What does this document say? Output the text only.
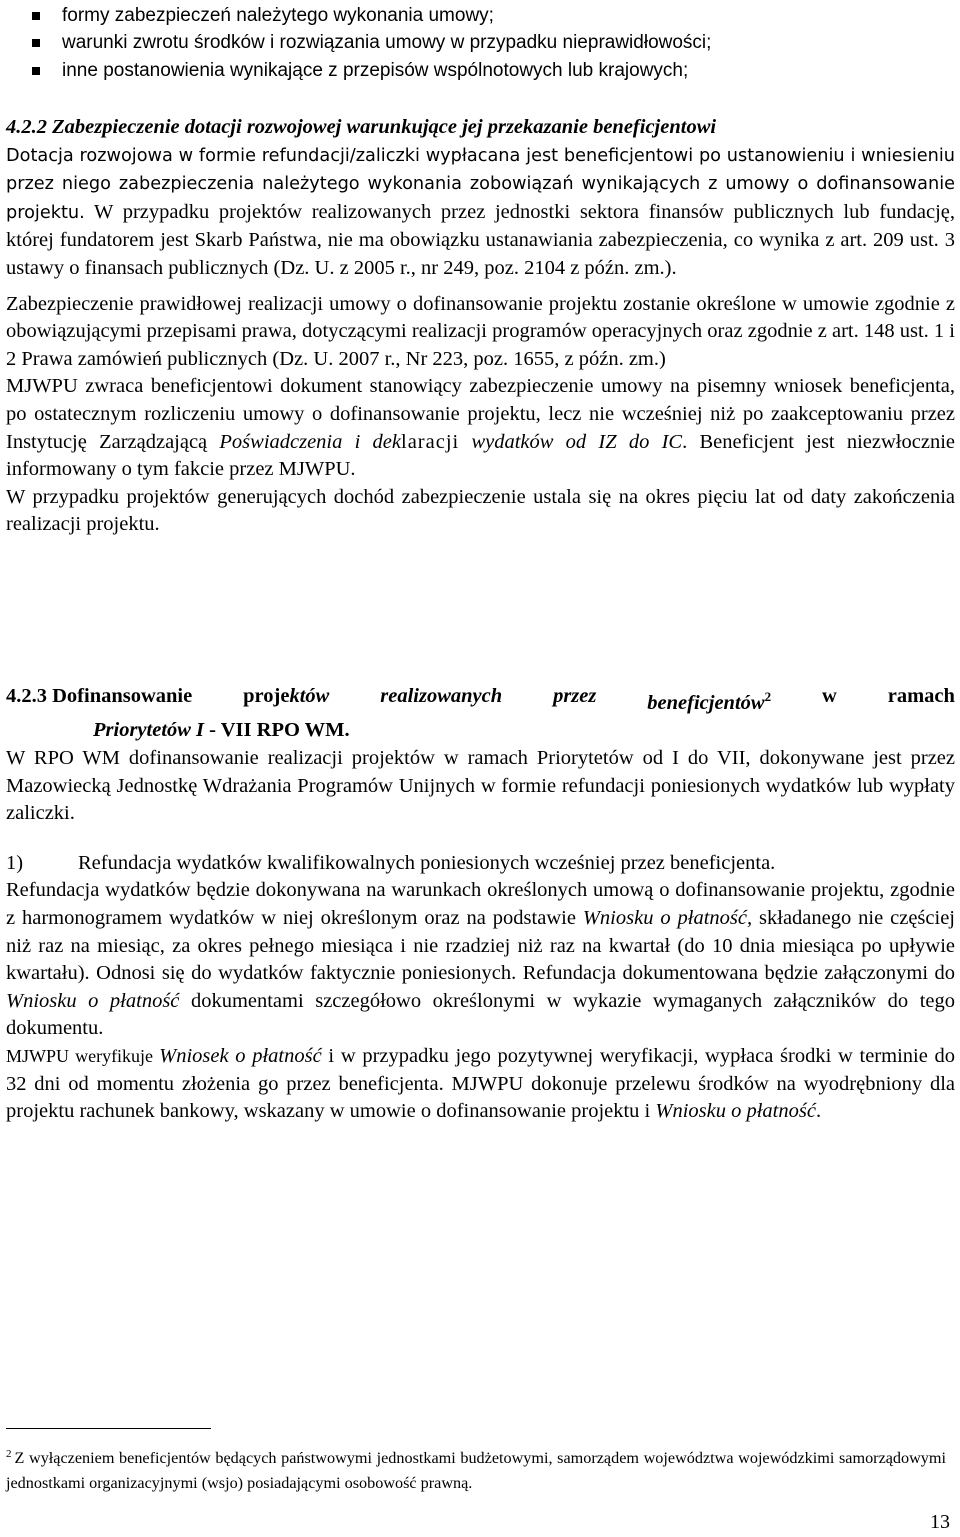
formy zabezpieczeń należytego wykonania umowy;
warunki zwrotu środków i rozwiązania umowy w przypadku nieprawidłowości;
inne postanowienia wynikające z przepisów wspólnotowych lub krajowych;

4.2.2 Zabezpieczenie dotacji rozwojowej warunkujące jej przekazanie beneficjentowi

Dotacja rozwojowa w formie refundacji/zaliczki wypłacana jest beneficjentowi po ustanowieniu i wniesieniu przez niego zabezpieczenia należytego wykonania zobowiązań wynikających z umowy o dofinansowanie projektu. W przypadku projektów realizowanych przez jednostki sektora finansów publicznych lub fundację, której fundatorem jest Skarb Państwa, nie ma obowiązku ustanawiania zabezpieczenia, co wynika z art. 209 ust. 3 ustawy o finansach publicznych (Dz. U. z 2005 r., nr 249, poz. 2104 z późn. zm.).

Zabezpieczenie prawidłowej realizacji umowy o dofinansowanie projektu zostanie określone w umowie zgodnie z obowiązującymi przepisami prawa, dotyczącymi realizacji programów operacyjnych oraz zgodnie z art. 148 ust. 1 i 2 Prawa zamówień publicznych (Dz. U. 2007 r., Nr 223, poz. 1655, z późn. zm.)

MJWPU zwraca beneficjentowi dokument stanowiący zabezpieczenie umowy na pisemny wniosek beneficjenta, po ostatecznym rozliczeniu umowy o dofinansowanie projektu, lecz nie wcześniej niż po zaakceptowaniu przez Instytucję Zarządzającą Poświadczenia i deklaracji wydatków od IZ do IC. Beneficjent jest niezwłocznie informowany o tym fakcie przez MJWPU.

W przypadku projektów generujących dochód zabezpieczenie ustala się na okres pięciu lat od daty zakończenia realizacji projektu.

4.2.3 Dofinansowanie projektów realizowanych przez beneficjentów$^2$ w ramach

Priorytetów I - VII RPO WM.

W RPO WM dofinansowanie realizacji projektów w ramach Priorytetów od I do VII, dokonywane jest przez Mazowiecką Jednostkę Wdrażania Programów Unijnych w formie refundacji poniesionych wydatków lub wypłaty zaliczki.

1)	Refundacja wydatków kwalifikowalnych poniesionych wcześniej przez beneficjenta.

Refundacja wydatków będzie dokonywana na warunkach określonych umową o dofinansowanie projektu, zgodnie z harmonogramem wydatków w niej określonym oraz na podstawie Wniosku o płatność, składanego nie częściej niż raz na miesiąc, za okres pełnego miesiąca i nie rzadziej niż raz na kwartał (do 10 dnia miesiąca po upływie kwartału). Odnosi się do wydatków faktycznie poniesionych. Refundacja dokumentowana będzie załączonymi do Wniosku o płatność dokumentami szczegółowo określonymi w wykazie wymaganych załączników do tego dokumentu.

MJWPU weryfikuje Wniosek o płatność i w przypadku jego pozytywnej weryfikacji, wypłaca środki w terminie do 32 dni od momentu złożenia go przez beneficjenta. MJWPU dokonuje przelewu środków na wyodrębniony dla projektu rachunek bankowy, wskazany w umowie o dofinansowanie projektu i Wniosku o płatność.

$^2$ Z wyłączeniem beneficjentów będących państwowymi jednostkami budżetowymi, samorządem województwa wojewódzkimi samorządowymi jednostkami organizacyjnymi (wsjo) posiadającymi osobowość prawną.
13
